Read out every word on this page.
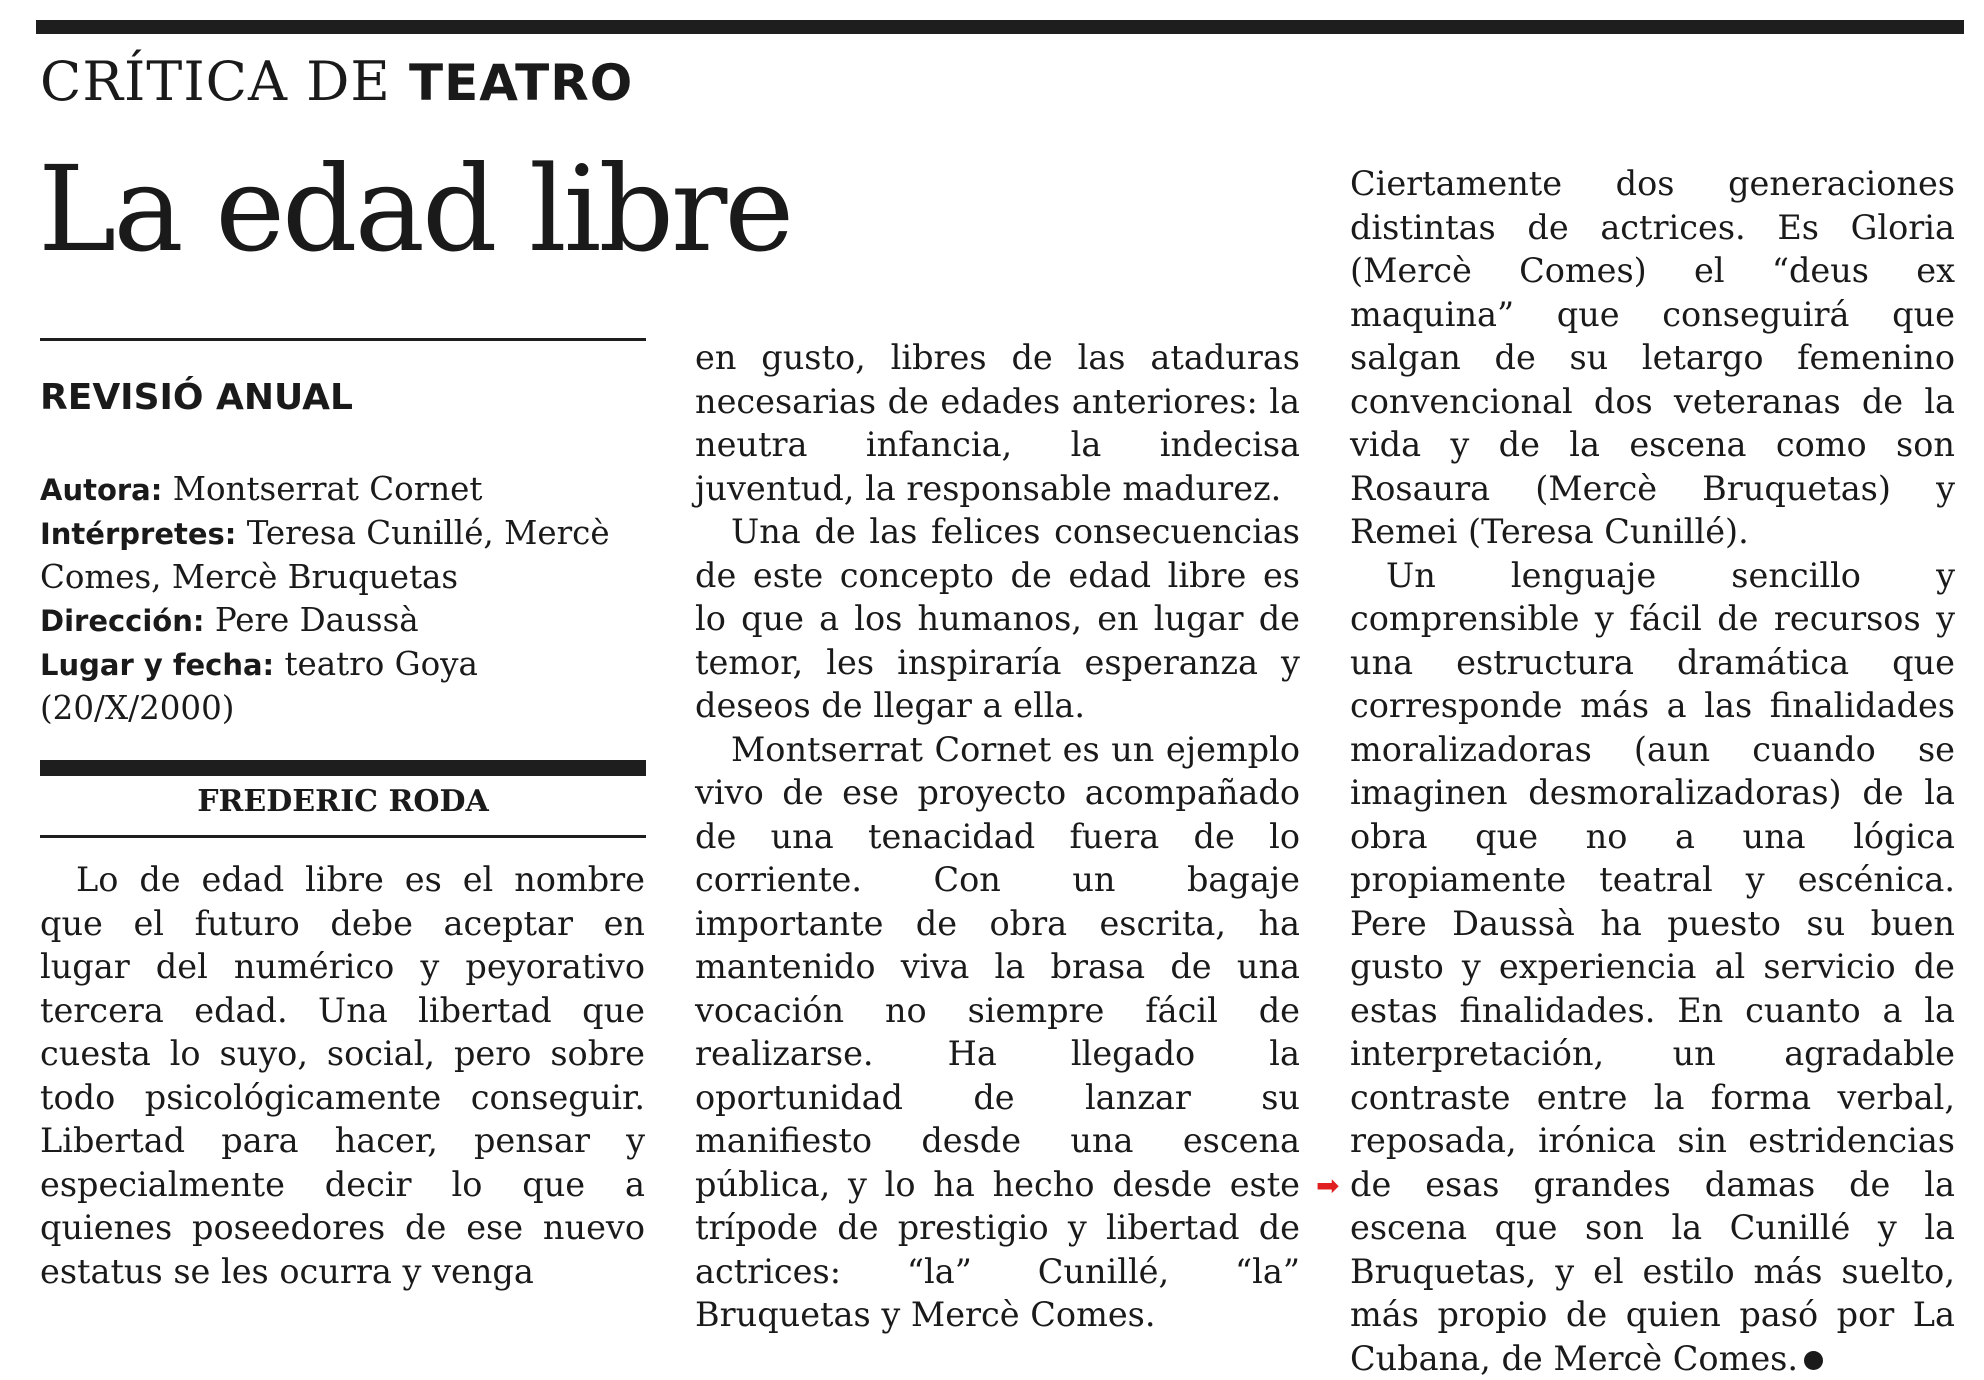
CRÍTICA DE TEATRO
La edad libre
REVISIÓ ANUAL
Autora: Montserrat Cornet
Intérpretes: Teresa Cunillé, Mercè Comes, Mercè Bruquetas
Dirección: Pere Daussà
Lugar y fecha: teatro Goya (20/X/2000)
FREDERIC RODA

Lo de edad libre es el nombre que el futuro debe aceptar en lugar del numérico y peyorativo tercera edad. Una libertad que cuesta lo suyo, social, pero sobre todo psicológicamente conseguir. Libertad para hacer, pensar y especialmente decir lo que a quienes poseedores de ese nuevo estatus se les ocurra y venga

en gusto, libres de las ataduras necesarias de edades anteriores: la neutra infancia, la indecisa juventud, la responsable madurez.

Una de las felices consecuencias de este concepto de edad libre es lo que a los humanos, en lugar de temor, les inspiraría esperanza y deseos de llegar a ella.

Montserrat Cornet es un ejemplo vivo de ese proyecto acompañado de una tenacidad fuera de lo corriente. Con un bagaje importante de obra escrita, ha mantenido viva la brasa de una vocación no siempre fácil de realizarse. Ha llegado la oportunidad de lanzar su manifiesto desde una escena pública, y lo ha hecho desde este trípode de prestigio y libertad de actrices: “la” Cunillé, “la” Bruquetas y Mercè Comes.

Ciertamente dos generaciones distintas de actrices. Es Gloria (Mercè Comes) el “deus ex maquina” que conseguirá que salgan de su letargo femenino convencional dos veteranas de la vida y de la escena como son Rosaura (Mercè Bruquetas) y Remei (Teresa Cunillé).

Un lenguaje sencillo y comprensible y fácil de recursos y una estructura dramática que corresponde más a las finalidades moralizadoras (aun cuando se imaginen desmoralizadoras) de la obra que no a una lógica propiamente teatral y escénica. Pere Daussà ha puesto su buen gusto y experiencia al servicio de estas finalidades. En cuanto a la interpretación, un agradable contraste entre la forma verbal, reposada, irónica sin estridencias de esas grandes damas de la escena que son la Cunillé y la Bruquetas, y el estilo más suelto, más propio de quien pasó por La Cubana, de Mercè Comes.

➡
